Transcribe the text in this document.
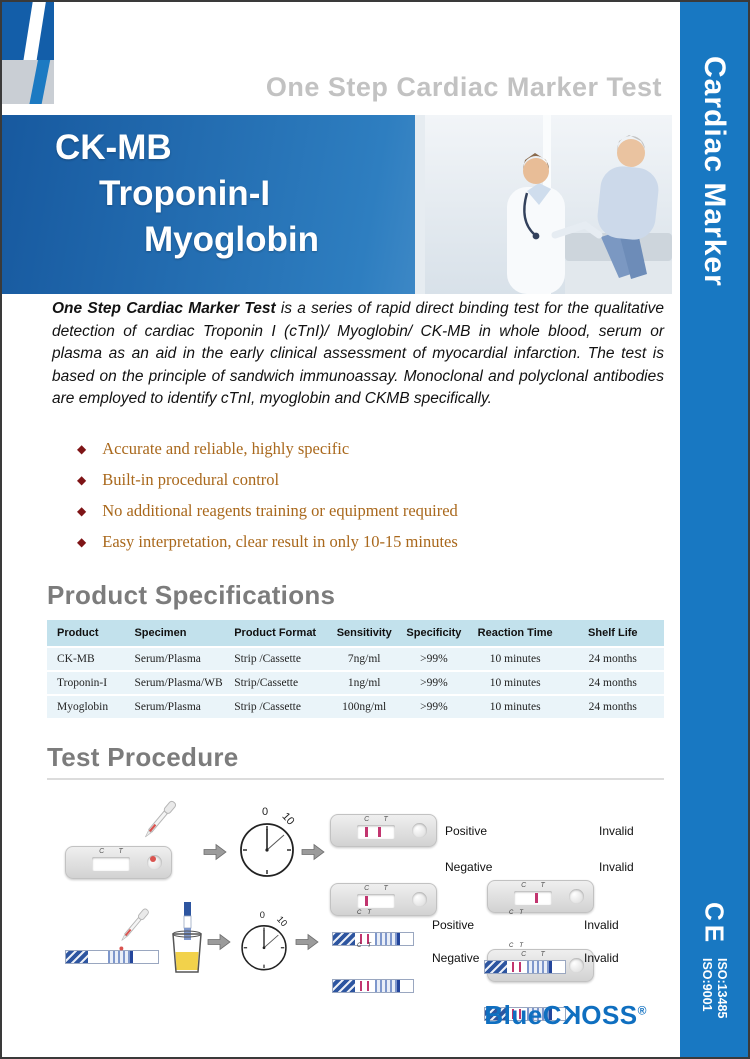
One Step Cardiac Marker Test
CK-MB
Troponin-I
Myoglobin	Cardiac Marker
CE
ISO:9001 ISO:13485

One Step Cardiac Marker Test is a series of rapid direct binding test for the qualitative detection of cardiac Troponin I (cTnI)/ Myoglobin/ CK-MB in whole blood, serum or plasma as an aid in the early clinical assessment of myocardial infarction. The test is based on the principle of sandwich immunoassay. Monoclonal and polyclonal antibodies are employed to identify cTnI, myoglobin and CKMB specifically.

◆ Accurate and reliable, highly specific
◆ Built-in procedural control
◆ No additional reagents training or equipment required
◆ Easy interpretation, clear result in only 10-15 minutes
Product Specifications
Product	Specimen	Product Format	Sensitivity	Specificity	Reaction Time	Shelf Life
CK-MB	Serum/Plasma	Strip /Cassette	7ng/ml	>99%	10 minutes	24 months
Troponin-I	Serum/Plasma/WB	Strip/Cassette	1ng/ml	>99%	10 minutes	24 months
Myoglobin	Serum/Plasma	Strip /Cassette	100ng/ml	>99%	10 minutes	24 months
Test Procedure
C T
0 10	C T
Positive
C T
Negative
C T
Invalid
C T
Invalid
0 10
C T
Positive
C T
Negative
C T
Invalid
C T
Invalid
BlueCKOSS®
